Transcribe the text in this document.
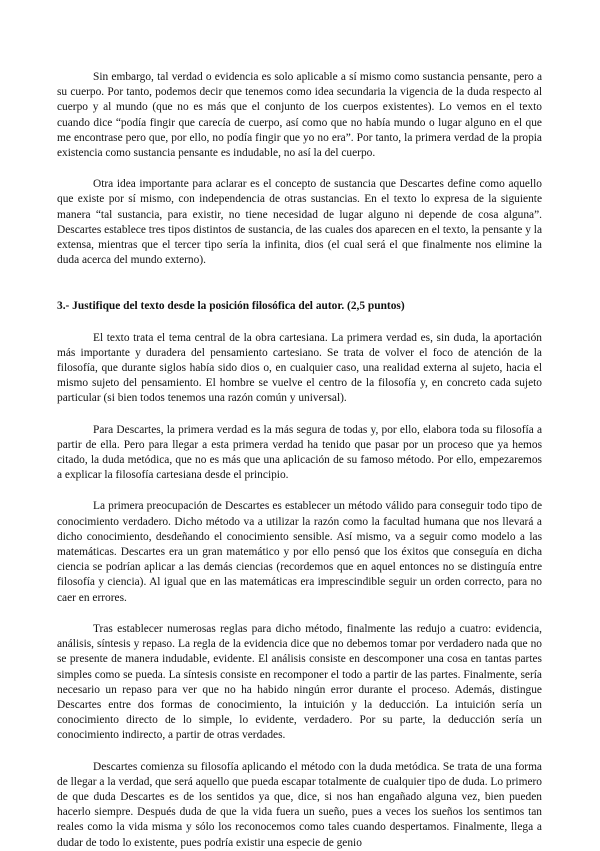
Sin embargo, tal verdad o evidencia es solo aplicable a sí mismo como sustancia pensante, pero a su cuerpo. Por tanto, podemos decir que tenemos como idea secundaria la vigencia de la duda respecto al cuerpo y al mundo (que no es más que el conjunto de los cuerpos existentes). Lo vemos en el texto cuando dice “podía fingir que carecía de cuerpo, así como que no había mundo o lugar alguno en el que me encontrase pero que, por ello, no podía fingir que yo no era”. Por tanto, la primera verdad de la propia existencia como sustancia pensante es indudable, no así la del cuerpo.

Otra idea importante para aclarar es el concepto de sustancia que Descartes define como aquello que existe por sí mismo, con independencia de otras sustancias. En el texto lo expresa de la siguiente manera “tal sustancia, para existir, no tiene necesidad de lugar alguno ni depende de cosa alguna”. Descartes establece tres tipos distintos de sustancia, de las cuales dos aparecen en el texto, la pensante y la extensa, mientras que el tercer tipo sería la infinita, dios (el cual será el que finalmente nos elimine la duda acerca del mundo externo).

3.- Justifique del texto desde la posición filosófica del autor. (2,5 puntos)

El texto trata el tema central de la obra cartesiana. La primera verdad es, sin duda, la aportación más importante y duradera del pensamiento cartesiano. Se trata de volver el foco de atención de la filosofía, que durante siglos había sido dios o, en cualquier caso, una realidad externa al sujeto, hacia el mismo sujeto del pensamiento. El hombre se vuelve el centro de la filosofía y, en concreto cada sujeto particular (si bien todos tenemos una razón común y universal).

Para Descartes, la primera verdad es la más segura de todas y, por ello, elabora toda su filosofía a partir de ella. Pero para llegar a esta primera verdad ha tenido que pasar por un proceso que ya hemos citado, la duda metódica, que no es más que una aplicación de su famoso método. Por ello, empezaremos a explicar la filosofía cartesiana desde el principio.

La primera preocupación de Descartes es establecer un método válido para conseguir todo tipo de conocimiento verdadero. Dicho método va a utilizar la razón como la facultad humana que nos llevará a dicho conocimiento, desdeñando el conocimiento sensible. Así mismo, va a seguir como modelo a las matemáticas. Descartes era un gran matemático y por ello pensó que los éxitos que conseguía en dicha ciencia se podrían aplicar a las demás ciencias (recordemos que en aquel entonces no se distinguía entre filosofía y ciencia). Al igual que en las matemáticas era imprescindible seguir un orden correcto, para no caer en errores.

Tras establecer numerosas reglas para dicho método, finalmente las redujo a cuatro: evidencia, análisis, síntesis y repaso. La regla de la evidencia dice que no debemos tomar por verdadero nada que no se presente de manera indudable, evidente. El análisis consiste en descomponer una cosa en tantas partes simples como se pueda. La síntesis consiste en recomponer el todo a partir de las partes. Finalmente, sería necesario un repaso para ver que no ha habido ningún error durante el proceso. Además, distingue Descartes entre dos formas de conocimiento, la intuición y la deducción. La intuición sería un conocimiento directo de lo simple, lo evidente, verdadero. Por su parte, la deducción sería un conocimiento indirecto, a partir de otras verdades.

Descartes comienza su filosofía aplicando el método con la duda metódica. Se trata de una forma de llegar a la verdad, que será aquello que pueda escapar totalmente de cualquier tipo de duda. Lo primero de que duda Descartes es de los sentidos ya que, dice, si nos han engañado alguna vez, bien pueden hacerlo siempre. Después duda de que la vida fuera un sueño, pues a veces los sueños los sentimos tan reales como la vida misma y sólo los reconocemos como tales cuando despertamos. Finalmente, llega a dudar de todo lo existente, pues podría existir una especie de genio
